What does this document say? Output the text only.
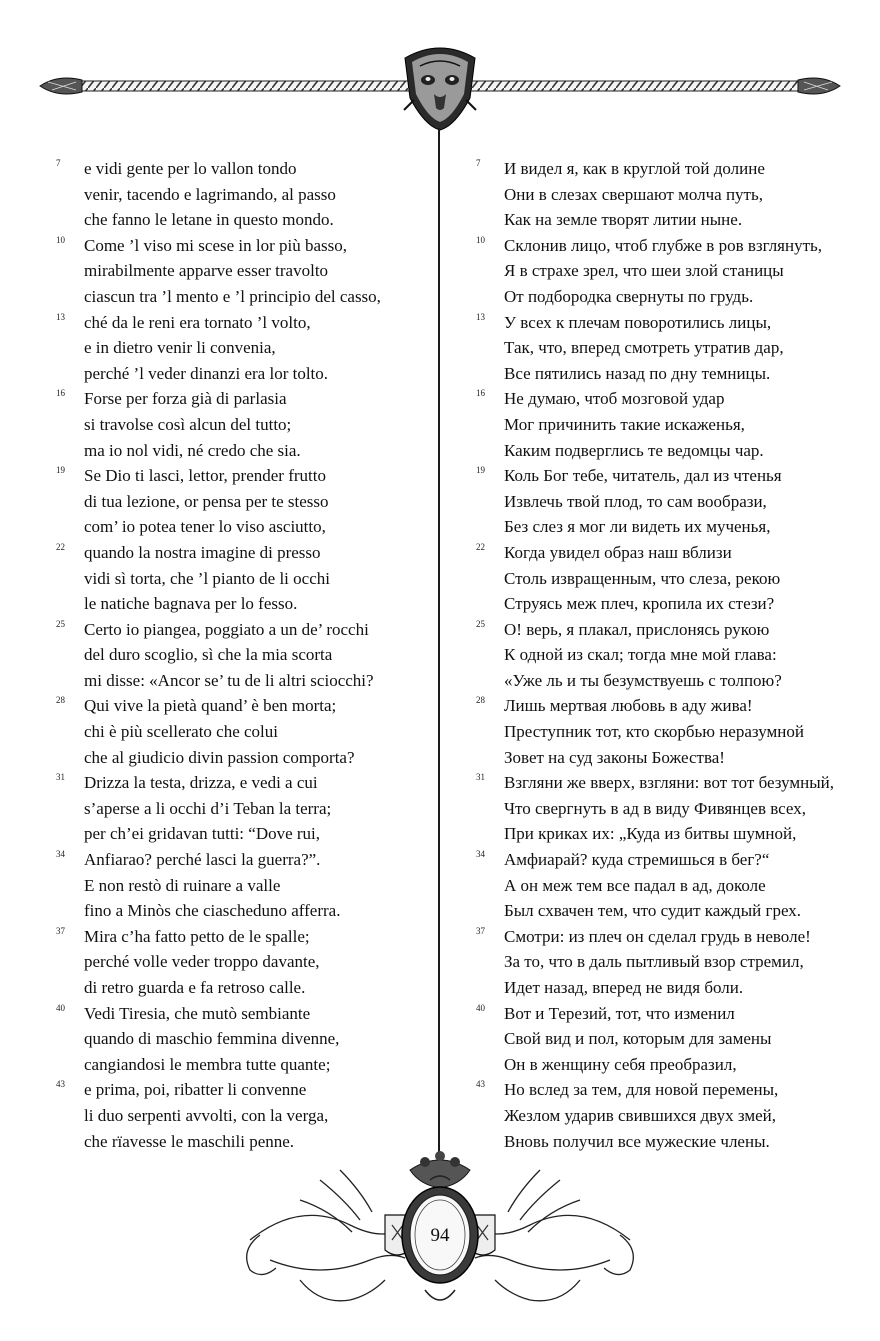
7 e vidi gente per lo vallon tondo
venir, tacendo e lagrimando, al passo
che fanno le letane in questo mondo.
10 Come ’l viso mi scese in lor più basso,
mirabilmente apparve esser travolto
ciascun tra ’l mento e ’l principio del casso,
13 ché da le reni era tornato ’l volto,
e in dietro venir li convenia,
perché ’l veder dinanzi era lor tolto.
16 Forse per forza già di parlasia
si travolse così alcun del tutto;
ma io nol vidi, né credo che sia.
19 Se Dio ti lasci, lettor, prender frutto
di tua lezione, or pensa per te stesso
com’ io potea tener lo viso asciutto,
22 quando la nostra imagine di presso
vidi sì torta, che ’l pianto de li occhi
le natiche bagnava per lo fesso.
25 Certo io piangea, poggiato a un de’ rocchi
del duro scoglio, sì che la mia scorta
mi disse: «Ancor se’ tu de li altri sciocchi?
28 Qui vive la pietà quand’ è ben morta;
chi è più scellerato che colui
che al giudicio divin passion comporta?
31 Drizza la testa, drizza, e vedi a cui
s’aperse a li occhi d’i Teban la terra;
per ch’ei gridavan tutti: “Dove rui,
34 Anfiarao? perché lasci la guerra?”.
E non restò di ruinare a valle
fino a Minòs che ciascheduno afferra.
37 Mira c’ha fatto petto de le spalle;
perché volle veder troppo davante,
di retro guarda e fa retroso calle.
40 Vedi Tiresia, che mutò sembiante
quando di maschio femmina divenne,
cangiandosi le membra tutte quante;
43 e prima, poi, ribatter li convenne
li duo serpenti avvolti, con la verga,
che rïavesse le maschili penne.
7 И видел я, как в круглой той долине
Они в слезах свершают молча путь,
Как на земле творят литии ныне.
10 Склонив лицо, чтоб глубже в ров взглянуть,
Я в страхе зрел, что шеи злой станицы
От подбородка свернуты по грудь.
13 У всех к плечам поворотились лицы,
Так, что, вперед смотреть утратив дар,
Все пятились назад по дну темницы.
16 Не думаю, чтоб мозговой удар
Мог причинить такие искаженья,
Каким подверглись те ведомцы чар.
19 Коль Бог тебе, читатель, дал из чтенья
Извлечь твой плод, то сам вообрази,
Без слез я мог ли видеть их мученья,
22 Когда увидел образ наш вблизи
Столь извращенным, что слеза, рекою
Струясь меж плеч, кропила их стези?
25 О! верь, я плакал, прислонясь рукою
К одной из скал; тогда мне мой глава:
«Уже ль и ты безумствуешь с толпою?
28 Лишь мертвая любовь в аду жива!
Преступник тот, кто скорбью неразумной
Зовет на суд законы Божества!
31 Взгляни же вверх, взгляни: вот тот безумный,
Что свергнуть в ад в виду Фивянцев всех,
При криках их: „Куда из битвы шумной,
34 Амфиарай? куда стремишься в бег?“
А он меж тем все падал в ад, доколе
Был схвачен тем, что судит каждый грех.
37 Смотри: из плеч он сделал грудь в неволе!
За то, что в даль пытливый взор стремил,
Идет назад, вперед не видя боли.
40 Вот и Терезий, тот, что изменил
Свой вид и пол, которым для замены
Он в женщину себя преобразил,
43 Но вслед за тем, для новой перемены,
Жезлом ударив свившихся двух змей,
Вновь получил все мужеские члены.
94
